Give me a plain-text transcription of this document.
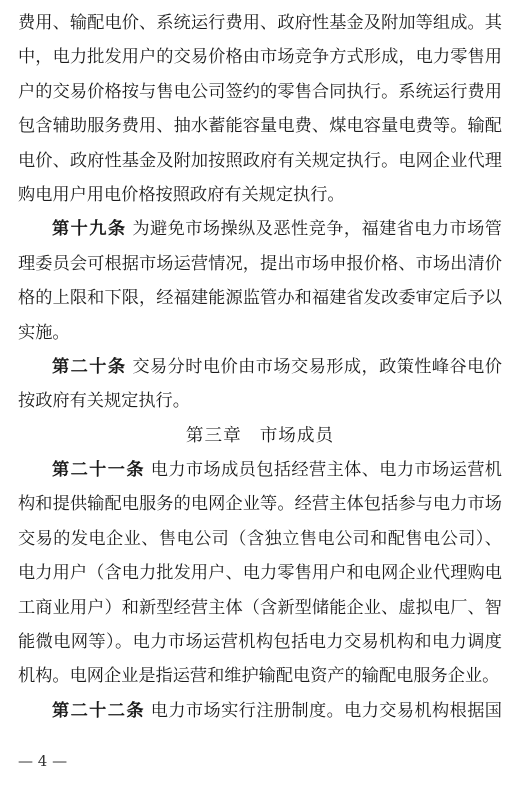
费用、输配电价、系统运行费用、政府性基金及附加等组成。其
中，电力批发用户的交易价格由市场竞争方式形成，电力零售用
户的交易价格按与售电公司签约的零售合同执行。系统运行费用
包含辅助服务费用、抽水蓄能容量电费、煤电容量电费等。输配
电价、政府性基金及附加按照政府有关规定执行。电网企业代理
购电用户用电价格按照政府有关规定执行。
第十九条 为避免市场操纵及恶性竞争，福建省电力市场管
理委员会可根据市场运营情况，提出市场申报价格、市场出清价
格的上限和下限，经福建能源监管办和福建省发改委审定后予以
实施。
第二十条 交易分时电价由市场交易形成，政策性峰谷电价
按政府有关规定执行。
第三章 市场成员
第二十一条 电力市场成员包括经营主体、电力市场运营机
构和提供输配电服务的电网企业等。经营主体包括参与电力市场
交易的发电企业、售电公司（含独立售电公司和配售电公司）、
电力用户（含电力批发用户、电力零售用户和电网企业代理购电
工商业用户）和新型经营主体（含新型储能企业、虚拟电厂、智
能微电网等）。电力市场运营机构包括电力交易机构和电力调度
机构。电网企业是指运营和维护输配电资产的输配电服务企业。
第二十二条 电力市场实行注册制度。电力交易机构根据国
— 4 —
